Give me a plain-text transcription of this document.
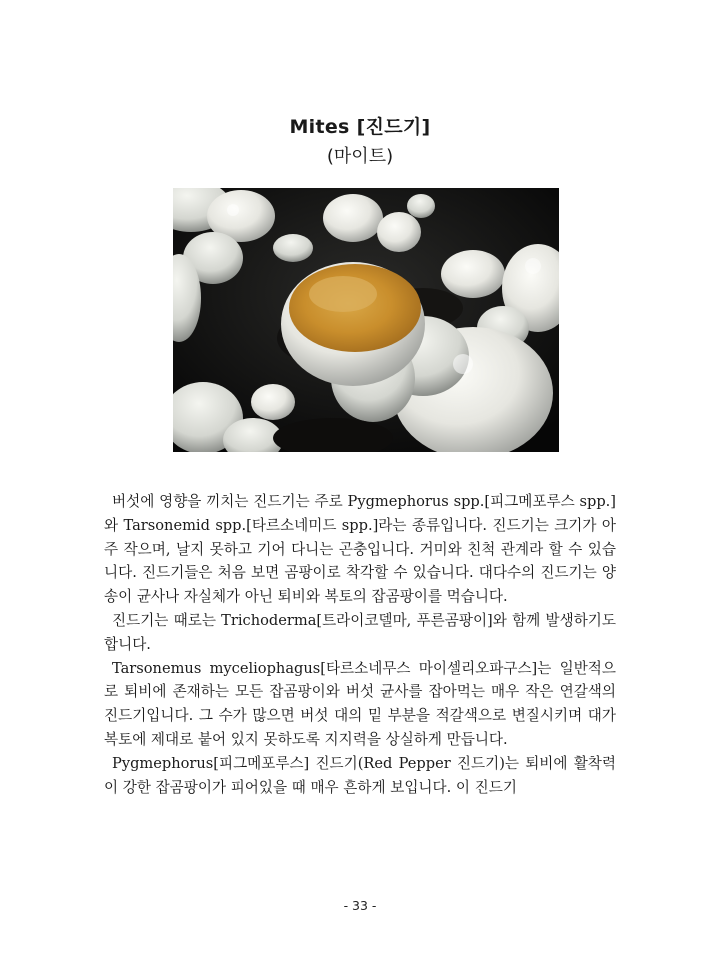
Mites [진드기]
(마이트)

버섯에 영향을 끼치는 진드기는 주로 Pygmephorus spp.[피그메포루스 spp.]와 Tarsonemid spp.[타르소네미드 spp.]라는 종류입니다. 진드기는 크기가 아주 작으며, 날지 못하고 기어 다니는 곤충입니다. 거미와 친척 관계라 할 수 있습니다. 진드기들은 처음 보면 곰팡이로 착각할 수 있습니다. 대다수의 진드기는 양송이 균사나 자실체가 아닌 퇴비와 복토의 잡곰팡이를 먹습니다.

진드기는 때로는 Trichoderma[트라이코델마, 푸른곰팡이]와 함께 발생하기도 합니다.

Tarsonemus myceliophagus[타르소네무스 마이셀리오파구스]는 일반적으로 퇴비에 존재하는 모든 잡곰팡이와 버섯 균사를 잡아먹는 매우 작은 연갈색의 진드기입니다. 그 수가 많으면 버섯 대의 밑 부분을 적갈색으로 변질시키며 대가 복토에 제대로 붙어 있지 못하도록 지지력을 상실하게 만듭니다.

Pygmephorus[피그메포루스] 진드기(Red Pepper 진드기)는 퇴비에 활착력이 강한 잡곰팡이가 피어있을 때 매우 흔하게 보입니다. 이 진드기

- 33 -
